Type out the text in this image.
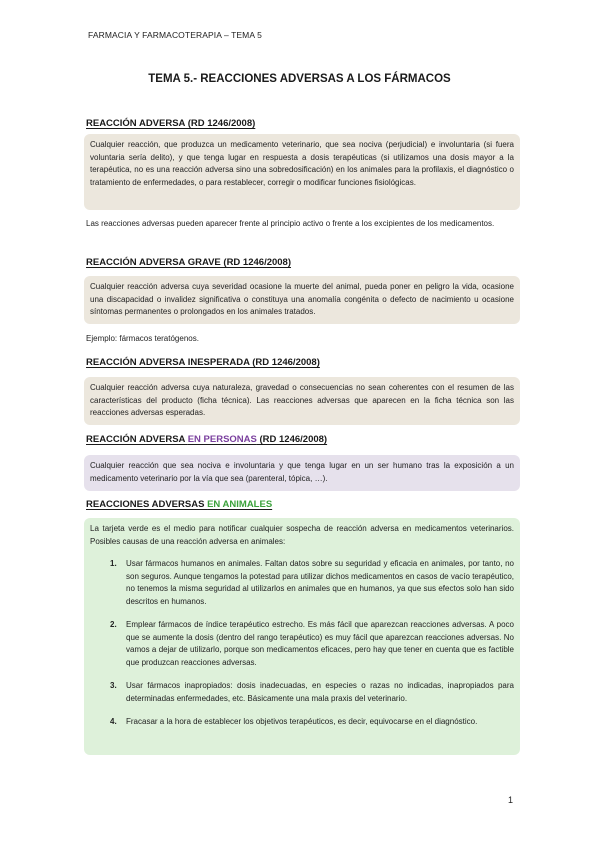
FARMACIA Y FARMACOTERAPIA – TEMA 5
TEMA 5.- REACCIONES ADVERSAS A LOS FÁRMACOS
REACCIÓN ADVERSA (RD 1246/2008)
Cualquier reacción, que produzca un medicamento veterinario, que sea nociva (perjudicial) e involuntaria (si fuera voluntaria sería delito), y que tenga lugar en respuesta a dosis terapéuticas (si utilizamos una dosis mayor a la terapéutica, no es una reacción adversa sino una sobredosificación) en los animales para la profilaxis, el diagnóstico o tratamiento de enfermedades, o para restablecer, corregir o modificar funciones fisiológicas.
Las reacciones adversas pueden aparecer frente al principio activo o frente a los excipientes de los medicamentos.
REACCIÓN ADVERSA GRAVE (RD 1246/2008)
Cualquier reacción adversa cuya severidad ocasione la muerte del animal, pueda poner en peligro la vida, ocasione una discapacidad o invalidez significativa o constituya una anomalía congénita o defecto de nacimiento u ocasione síntomas permanentes o prolongados en los animales tratados.
Ejemplo: fármacos teratógenos.
REACCIÓN ADVERSA INESPERADA (RD 1246/2008)
Cualquier reacción adversa cuya naturaleza, gravedad o consecuencias no sean coherentes con el resumen de las características del producto (ficha técnica). Las reacciones adversas que aparecen en la ficha técnica son las reacciones adversas esperadas.
REACCIÓN ADVERSA EN PERSONAS (RD 1246/2008)
Cualquier reacción que sea nociva e involuntaria y que tenga lugar en un ser humano tras la exposición a un medicamento veterinario por la vía que sea (parenteral, tópica, …).
REACCIONES ADVERSAS EN ANIMALES
La tarjeta verde es el medio para notificar cualquier sospecha de reacción adversa en medicamentos veterinarios. Posibles causas de una reacción adversa en animales:
1. Usar fármacos humanos en animales. Faltan datos sobre su seguridad y eficacia en animales, por tanto, no son seguros. Aunque tengamos la potestad para utilizar dichos medicamentos en casos de vacío terapéutico, no tenemos la misma seguridad al utilizarlos en animales que en humanos, ya que sus efectos solo han sido descritos en humanos.
2. Emplear fármacos de índice terapéutico estrecho. Es más fácil que aparezcan reacciones adversas. A poco que se aumente la dosis (dentro del rango terapéutico) es muy fácil que aparezcan reacciones adversas. No vamos a dejar de utilizarlo, porque son medicamentos eficaces, pero hay que tener en cuenta que es factible que produzcan reacciones adversas.
3. Usar fármacos inapropiados: dosis inadecuadas, en especies o razas no indicadas, inapropiados para determinadas enfermedades, etc. Básicamente una mala praxis del veterinario.
4. Fracasar a la hora de establecer los objetivos terapéuticos, es decir, equivocarse en el diagnóstico.
1
